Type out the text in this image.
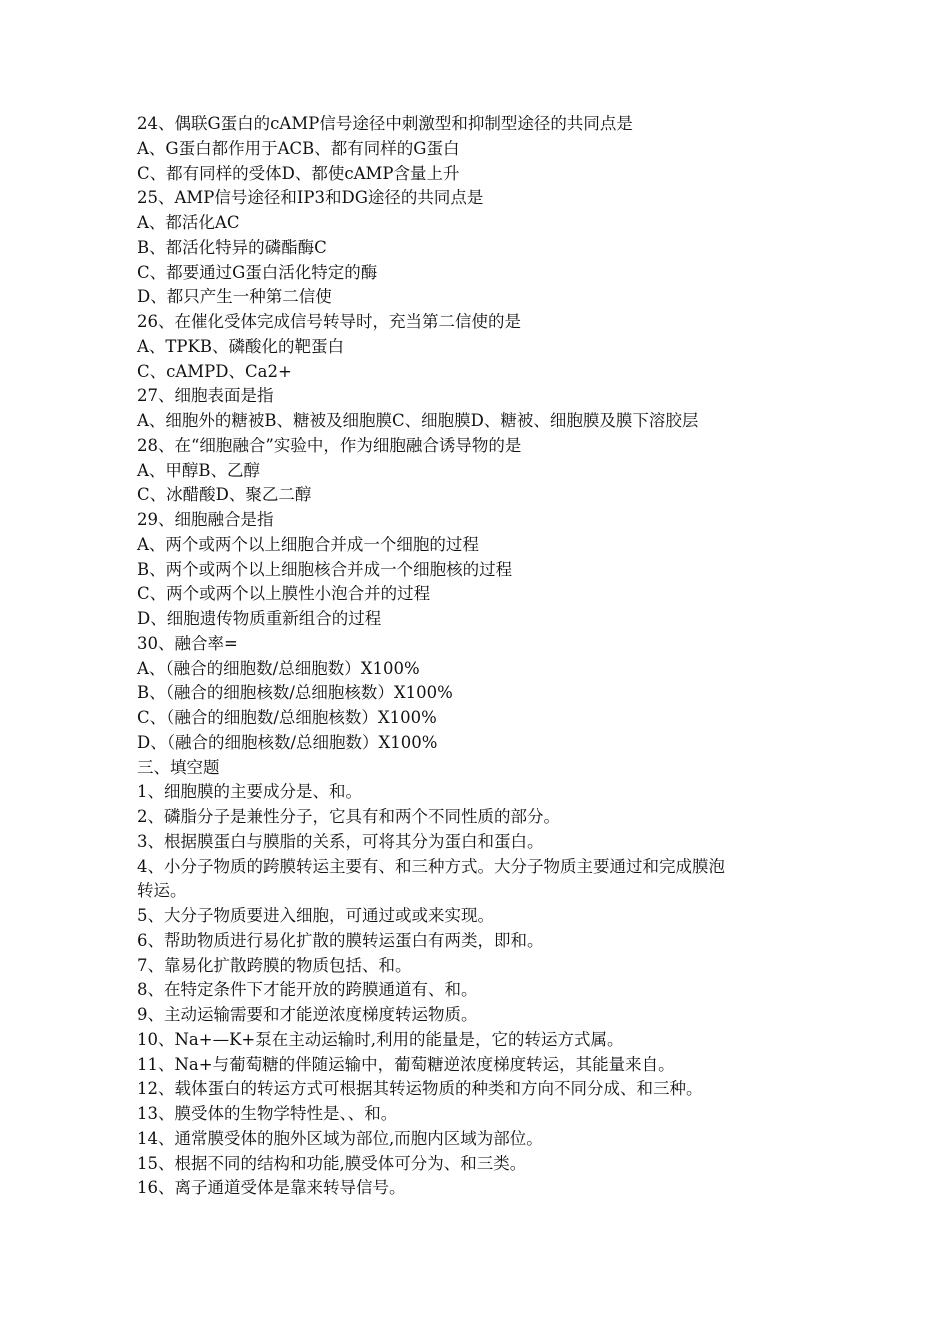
24、偶联G蛋白的cAMP信号途径中刺激型和抑制型途径的共同点是

A、G蛋白都作用于ACB、都有同样的G蛋白

C、都有同样的受体D、都使cAMP含量上升

25、AMP信号途径和IP3和DG途径的共同点是

A、都活化AC

B、都活化特异的磷酯酶C

C、都要通过G蛋白活化特定的酶

D、都只产生一种第二信使

26、在催化受体完成信号转导时，充当第二信使的是

A、TPKB、磷酸化的靶蛋白

C、cAMPD、Ca2+

27、细胞表面是指

A、细胞外的糖被B、糖被及细胞膜C、细胞膜D、糖被、细胞膜及膜下溶胶层

28、在“细胞融合”实验中，作为细胞融合诱导物的是

A、甲醇B、乙醇

C、冰醋酸D、聚乙二醇

29、细胞融合是指

A、两个或两个以上细胞合并成一个细胞的过程

B、两个或两个以上细胞核合并成一个细胞核的过程

C、两个或两个以上膜性小泡合并的过程

D、细胞遗传物质重新组合的过程

30、融合率=

A、（融合的细胞数/总细胞数）X100%

B、（融合的细胞核数/总细胞核数）X100%

C、（融合的细胞数/总细胞核数）X100%

D、（融合的细胞核数/总细胞数）X100%

三、填空题

1、细胞膜的主要成分是、和。

2、磷脂分子是兼性分子，它具有和两个不同性质的部分。

3、根据膜蛋白与膜脂的关系，可将其分为蛋白和蛋白。

4、小分子物质的跨膜转运主要有、和三种方式。大分子物质主要通过和完成膜泡

转运。

5、大分子物质要进入细胞，可通过或或来实现。

6、帮助物质进行易化扩散的膜转运蛋白有两类，即和。

7、靠易化扩散跨膜的物质包括、和。

8、在特定条件下才能开放的跨膜通道有、和。

9、主动运输需要和才能逆浓度梯度转运物质。

10、Na+—K+泵在主动运输时,利用的能量是，它的转运方式属。

11、Na+与葡萄糖的伴随运输中，葡萄糖逆浓度梯度转运，其能量来自。

12、载体蛋白的转运方式可根据其转运物质的种类和方向不同分成、和三种。

13、膜受体的生物学特性是、、和。

14、通常膜受体的胞外区域为部位,而胞内区域为部位。

15、根据不同的结构和功能,膜受体可分为、和三类。

16、离子通道受体是靠来转导信号。
